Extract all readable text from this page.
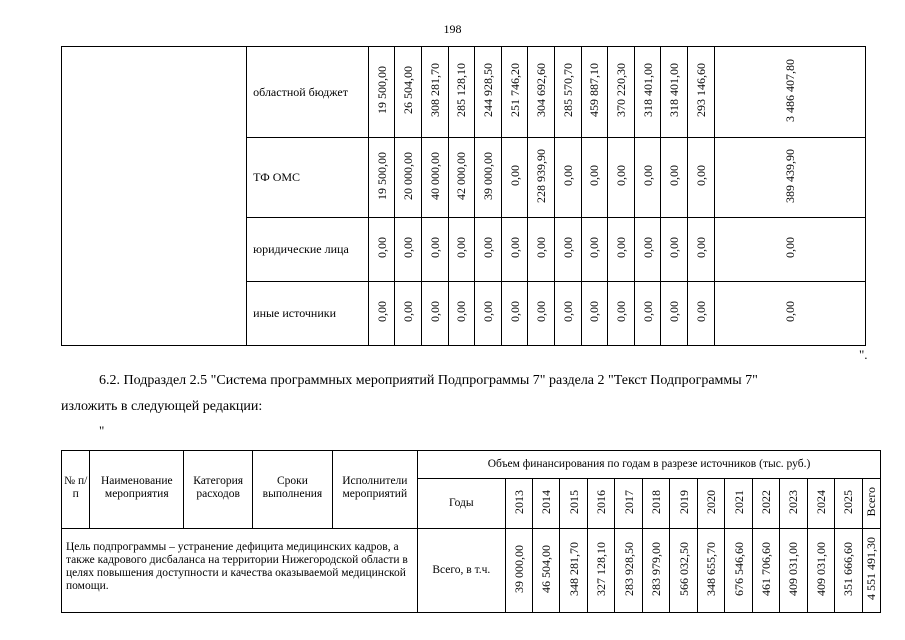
198
	областной бюджет	19 500,00	26 504,00	308 281,70	285 128,10	244 928,50	251 746,20	304 692,60	285 570,70	459 887,10	370 220,30	318 401,00	318 401,00	293 146,60	3 486 407,80
	ТФ ОМС	19 500,00	20 000,00	40 000,00	42 000,00	39 000,00	0,00	228 939,90	0,00	0,00	0,00	0,00	0,00	0,00	389 439,90
	юридические лица	0,00	0,00	0,00	0,00	0,00	0,00	0,00	0,00	0,00	0,00	0,00	0,00	0,00	0,00
	иные источники	0,00	0,00	0,00	0,00	0,00	0,00	0,00	0,00	0,00	0,00	0,00	0,00	0,00	0,00
".
6.2. Подраздел 2.5 "Система программных мероприятий Подпрограммы 7" раздела 2 "Текст Подпрограммы 7"
изложить в следующей редакции:
"
№ п/п	Наименование мероприятия	Категория расходов	Сроки выполнения	Исполнители мероприятий	Объем финансирования по годам в разрезе источников (тыс. руб.)														
					Годы	2013	2014	2015	2016	2017	2018	2019	2020	2021	2022	2023	2024	2025	Всего
Цель подпрограммы – устранение дефицита медицинских кадров, а также кадрового дисбаланса на территории Нижегородской области в целях повышения доступности и качества оказываемой медицинской помощи.					Всего, в т.ч.	39 000,00	46 504,00	348 281,70	327 128,10	283 928,50	283 979,00	566 032,50	348 655,70	676 546,60	461 706,60	409 031,00	409 031,00	351 666,60	4 551 491,30
